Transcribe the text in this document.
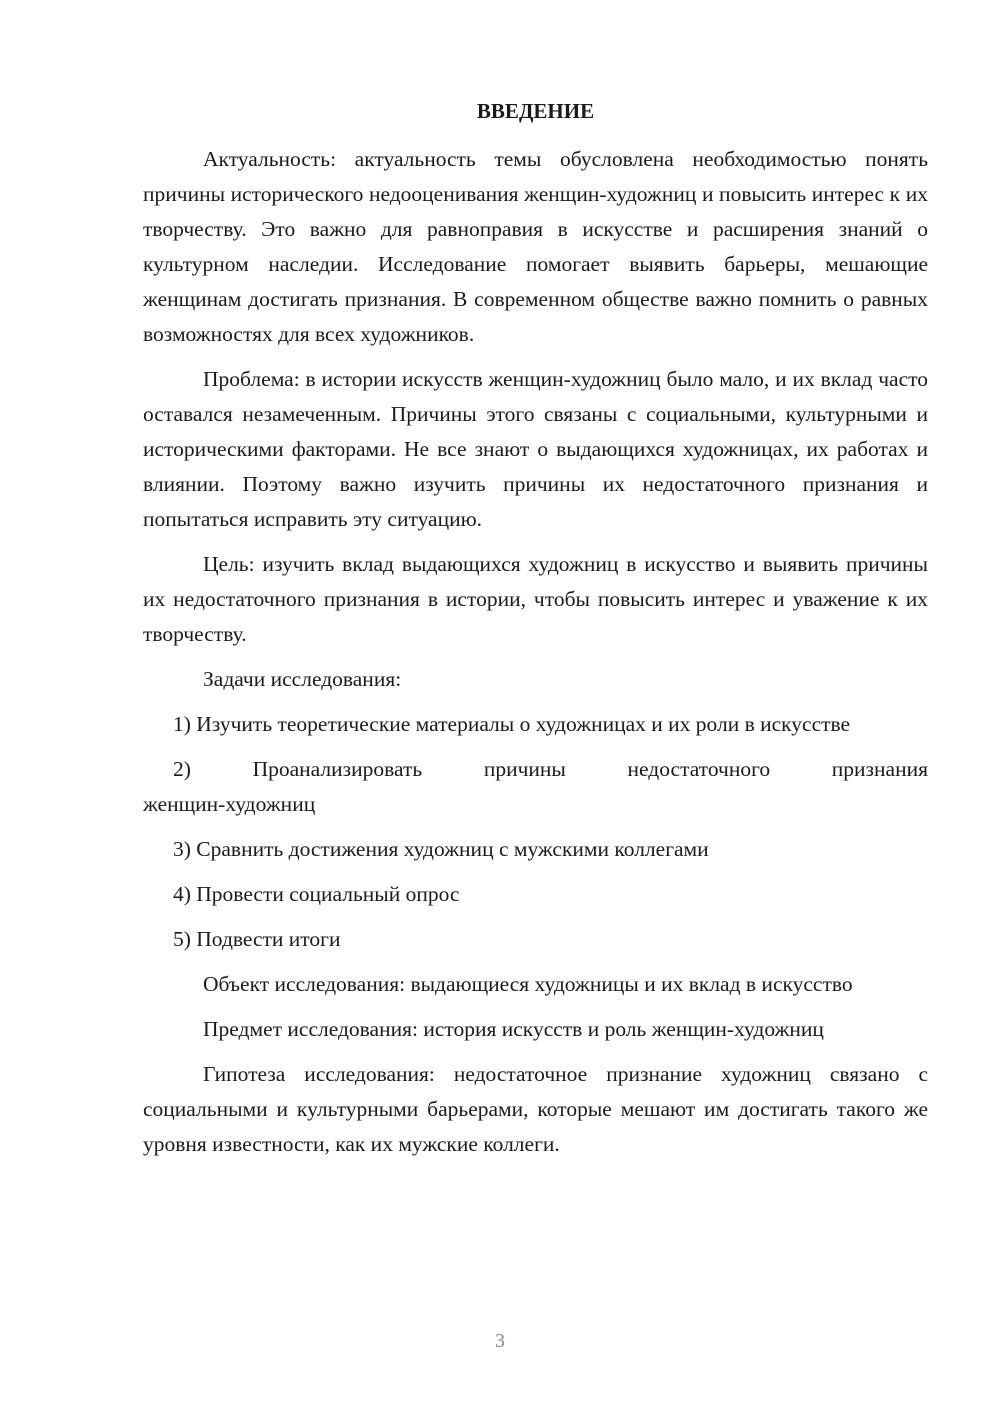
ВВЕДЕНИЕ

Актуальность: актуальность темы обусловлена необходимостью понять причины исторического недооценивания женщин-художниц и повысить интерес к их творчеству. Это важно для равноправия в искусстве и расширения знаний о культурном наследии. Исследование помогает выявить барьеры, мешающие женщинам достигать признания. В современном обществе важно помнить о равных возможностях для всех художников.

Проблема: в истории искусств женщин-художниц было мало, и их вклад часто оставался незамеченным. Причины этого связаны с социальными, культурными и историческими факторами. Не все знают о выдающихся художницах, их работах и влиянии. Поэтому важно изучить причины их недостаточного признания и попытаться исправить эту ситуацию.

Цель: изучить вклад выдающихся художниц в искусство и выявить причины их недостаточного признания в истории, чтобы повысить интерес и уважение к их творчеству.

Задачи исследования:

1) Изучить теоретические материалы о художницах и их роли в искусстве

2) Проанализировать причины недостаточного признания
женщин-художниц

3) Сравнить достижения художниц с мужскими коллегами

4) Провести социальный опрос

5) Подвести итоги

Объект исследования: выдающиеся художницы и их вклад в искусство

Предмет исследования: история искусств и роль женщин-художниц

Гипотеза исследования: недостаточное признание художниц связано с социальными и культурными барьерами, которые мешают им достигать такого же уровня известности, как их мужские коллеги.

3
